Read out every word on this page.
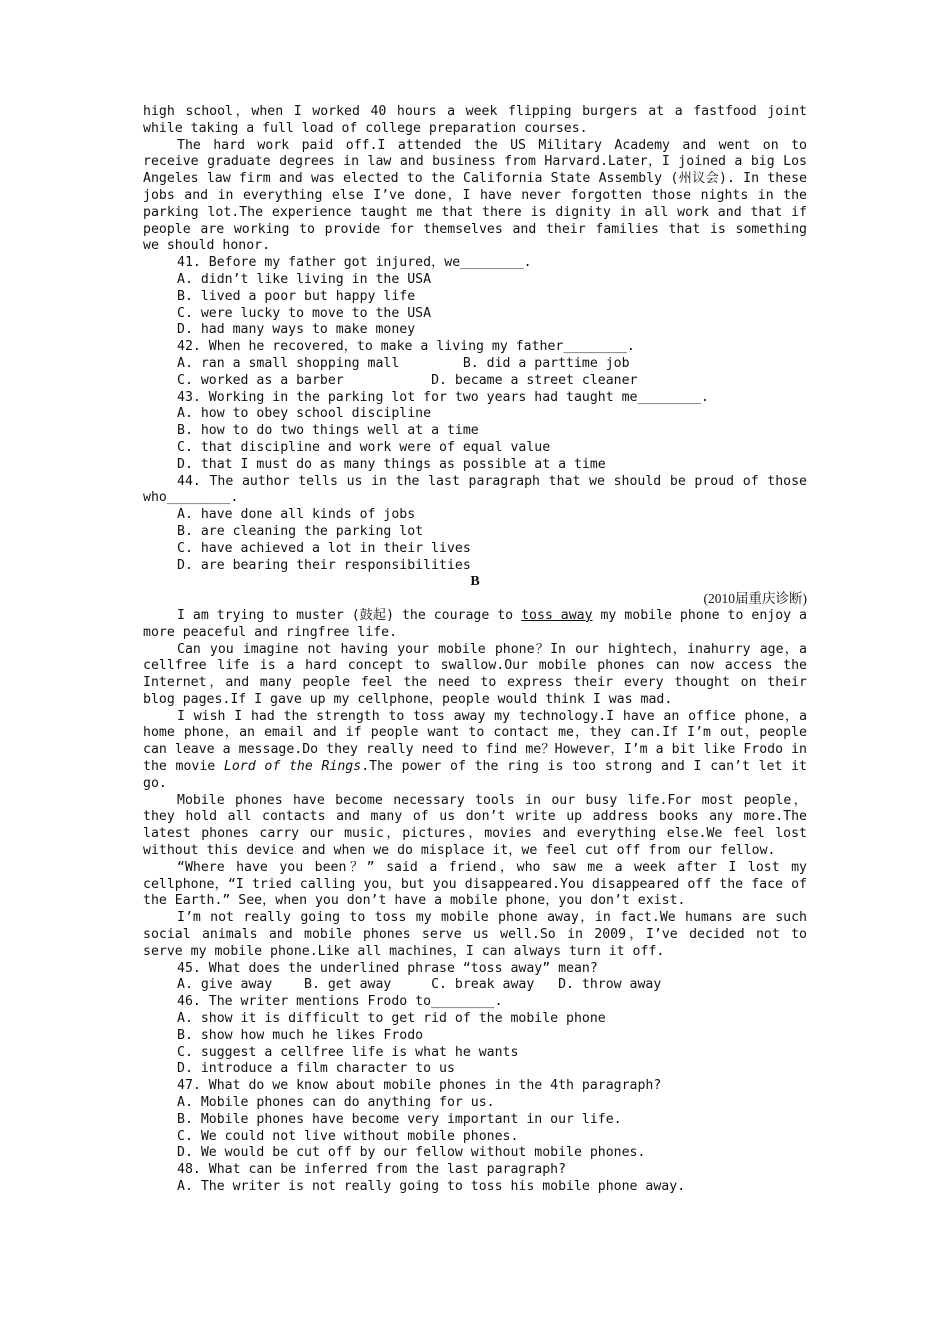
high school，when I worked 40 hours a week flipping burgers at a fastfood joint while taking a full load of college preparation courses.

The hard work paid off.I attended the US Military Academy and went on to receive graduate degrees in law and business from Harvard.Later，I joined a big Los Angeles law firm and was elected to the California State Assembly (州议会). In these jobs and in everything else I’ve done，I have never forgotten those nights in the parking lot.The experience taught me that there is dignity in all work and that if people are working to provide for themselves and their families that is something we should honor.

41. Before my father got injured，we________.

A. didn’t like living in the USA

B. lived a poor but happy life

C. were lucky to move to the USA

D. had many ways to make money

42. When he recovered，to make a living my father________.

A. ran a small shopping mall        B. did a parttime job

C. worked as a barber           D. became a street cleaner

43. Working in the parking lot for two years had taught me________.

A. how to obey school discipline

B. how to do two things well at a time

C. that discipline and work were of equal value

D. that I must do as many things as possible at a time

44. The author tells us in the last paragraph that we should be proud of those who________.

A. have done all kinds of jobs

B. are cleaning the parking lot

C. have achieved a lot in their lives

D. are bearing their responsibilities

B

(2010届重庆诊断)

I am trying to muster (鼓起) the courage to toss away my mobile phone to enjoy a more peaceful and ringfree life.

Can you imagine not having your mobile phone？In our hightech，inahurry age，a cellfree life is a hard concept to swallow.Our mobile phones can now access the Internet，and many people feel the need to express their every thought on their blog pages.If I gave up my cellphone，people would think I was mad.

I wish I had the strength to toss away my technology.I have an office phone，a home phone，an email and if people want to contact me，they can.If I’m out，people can leave a message.Do they really need to find me？However，I’m a bit like Frodo in the movie Lord of the Rings.The power of the ring is too strong and I can’t let it go.

Mobile phones have become necessary tools in our busy life.For most people，they hold all contacts and many of us don’t write up address books any more.The latest phones carry our music，pictures，movies and everything else.We feel lost without this device and when we do misplace it，we feel cut off from our fellow.

“Where have you been？” said a friend，who saw me a week after I lost my cellphone，“I tried calling you，but you disappeared.You disappeared off the face of the Earth.” See，when you don’t have a mobile phone，you don’t exist.

I’m not really going to toss my mobile phone away，in fact.We humans are such social animals and mobile phones serve us well.So in 2009，I’ve decided not to serve my mobile phone.Like all machines，I can always turn it off.

45. What does the underlined phrase “toss away” mean?

A. give away    B. get away     C. break away   D. throw away

46. The writer mentions Frodo to________.

A. show it is difficult to get rid of the mobile phone

B. show how much he likes Frodo

C. suggest a cellfree life is what he wants

D. introduce a film character to us

47. What do we know about mobile phones in the 4th paragraph?

A. Mobile phones can do anything for us.

B. Mobile phones have become very important in our life.

C. We could not live without mobile phones.

D. We would be cut off by our fellow without mobile phones.

48. What can be inferred from the last paragraph?

A. The writer is not really going to toss his mobile phone away.
